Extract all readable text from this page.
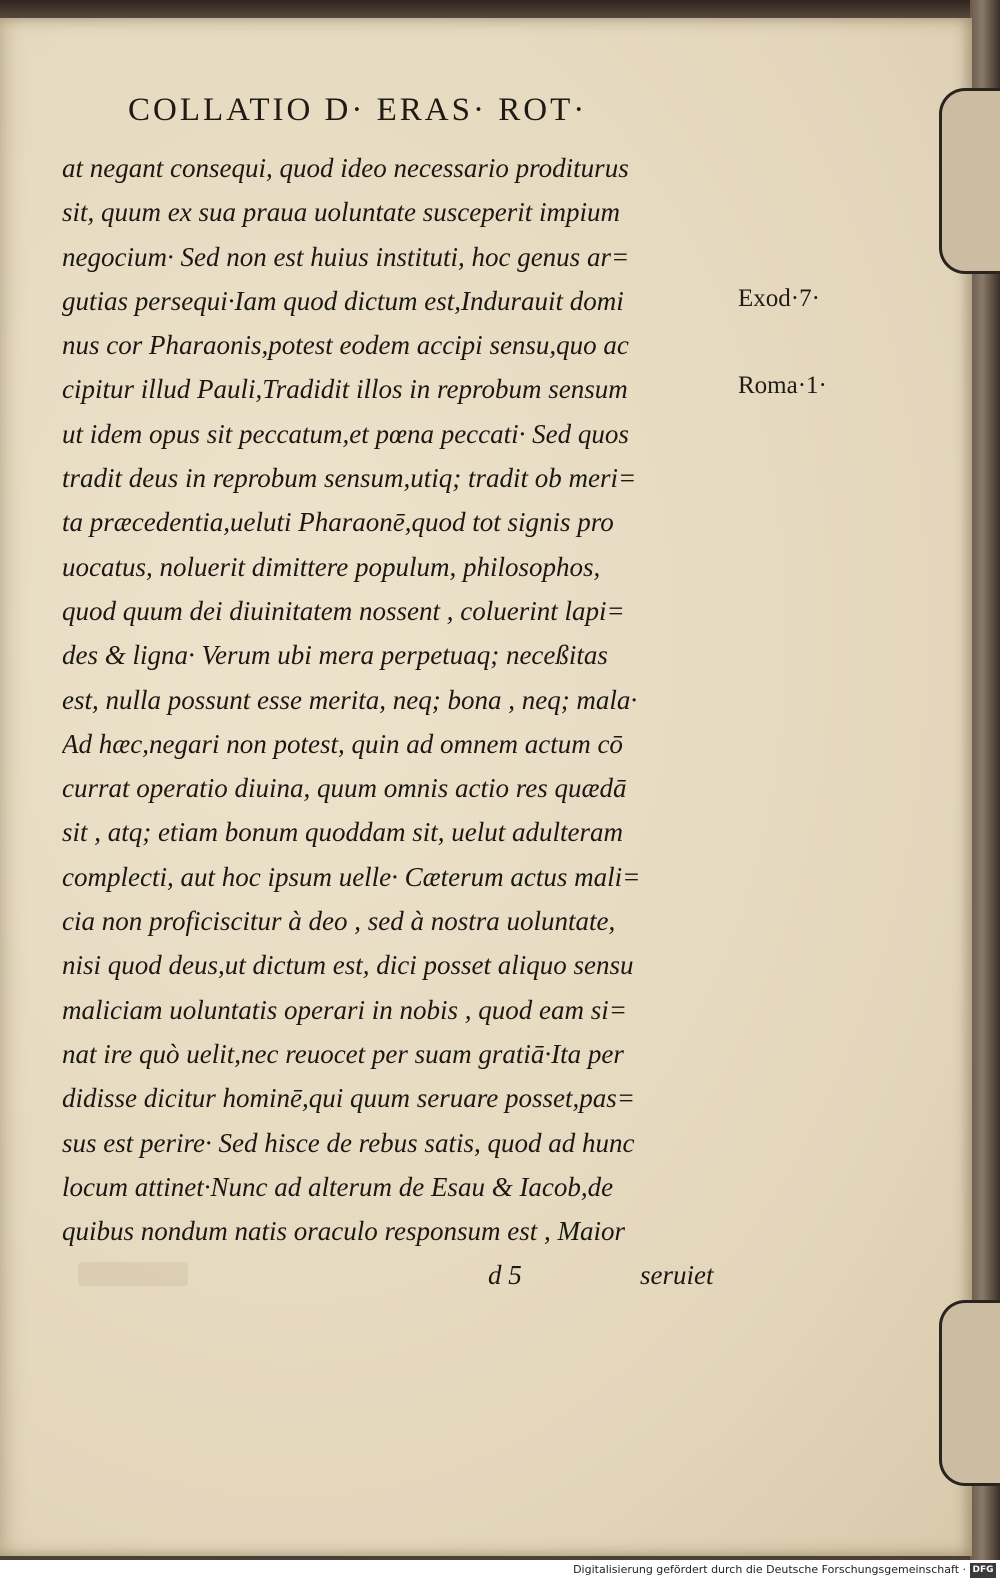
COLLATIO D· ERAS· ROT·
at negant consequi, quod ideo necessario proditurus
sit, quum ex sua praua uoluntate susceperit impium
negocium· Sed non est huius instituti, hoc genus ar=
gutias persequi·Iam quod dictum est,Indurauit domi
nus cor Pharaonis,potest eodem accipi sensu,quo ac
cipitur illud Pauli,Tradidit illos in reprobum sensum
ut idem opus sit peccatum,et pœna peccati· Sed quos
tradit deus in reprobum sensum,utiq; tradit ob meri=
ta præcedentia,ueluti Pharaonē,quod tot signis pro
uocatus, noluerit dimittere populum, philosophos,
quod quum dei diuinitatem nossent , coluerint lapi=
des & ligna· Verum ubi mera perpetuaq; neceßitas
est, nulla possunt esse merita, neq; bona , neq; mala·
Ad hæc,negari non potest, quin ad omnem actum cō
currat operatio diuina, quum omnis actio res quædā
sit , atq; etiam bonum quoddam sit, uelut adulteram
complecti, aut hoc ipsum uelle· Cæterum actus mali=
cia non proficiscitur à deo , sed à nostra uoluntate,
nisi quod deus,ut dictum est, dici posset aliquo sensu
maliciam uoluntatis operari in nobis , quod eam si=
nat ire quò uelit,nec reuocet per suam gratiā·Ita per
didisse dicitur hominē,qui quum seruare posset,pas=
sus est perire· Sed hisce de rebus satis, quod ad hunc
locum attinet·Nunc ad alterum de Esau & Iacob,de
quibus nondum natis oraculo responsum est , Maior
Exod·7·
Roma·1·
d 5	seruiet
Digitalisierung gefördert durch die Deutsche Forschungsgemeinschaft · DFG
